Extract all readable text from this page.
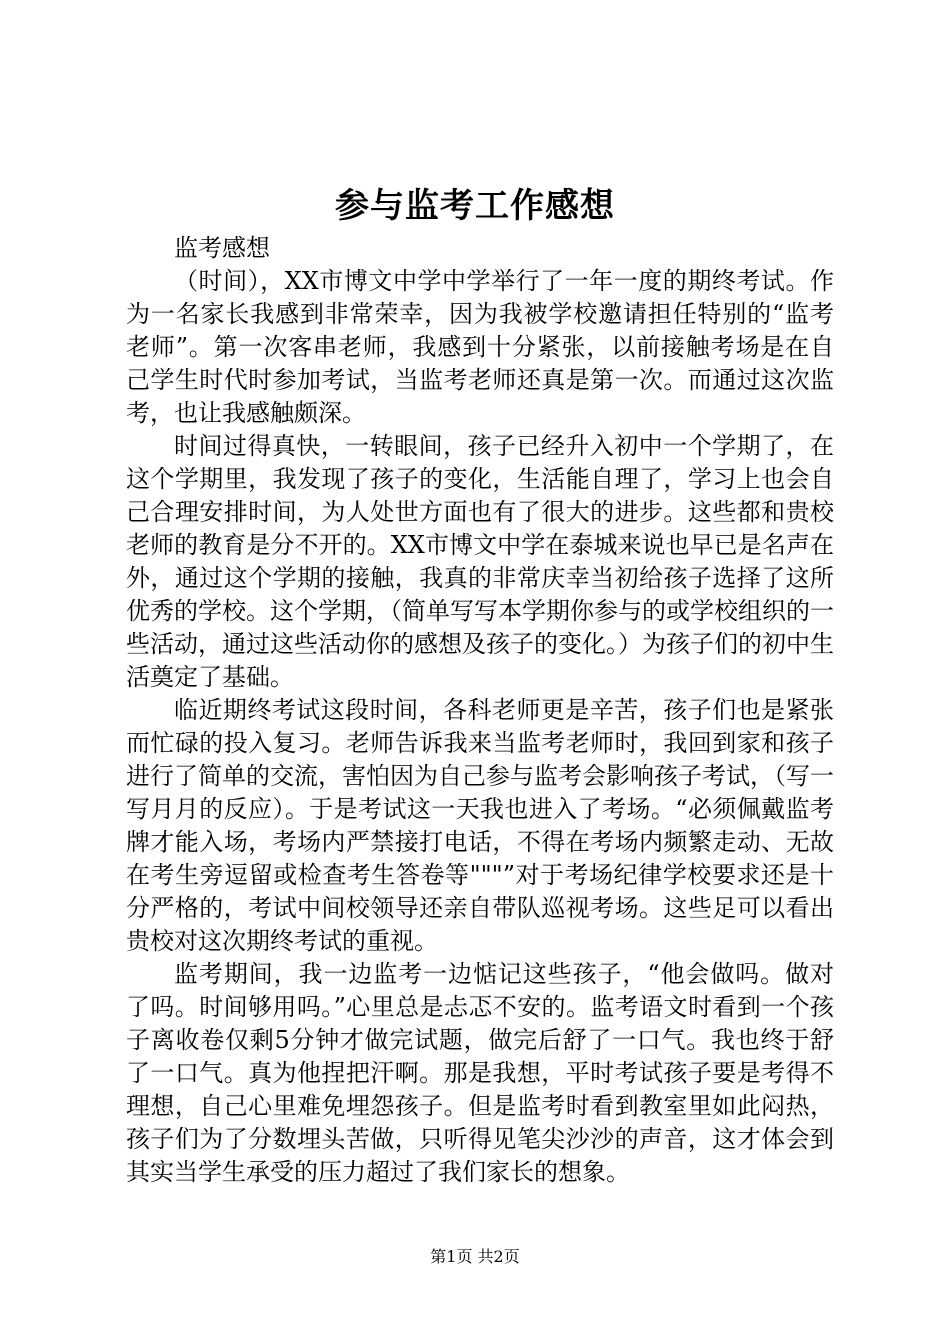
参与监考工作感想

监考感想

（时间），XX市博文中学中学举行了一年一度的期终考试。作为一名家长我感到非常荣幸，因为我被学校邀请担任特别的“监考老师”。第一次客串老师，我感到十分紧张，以前接触考场是在自己学生时代时参加考试，当监考老师还真是第一次。而通过这次监考，也让我感触颇深。

时间过得真快，一转眼间，孩子已经升入初中一个学期了，在这个学期里，我发现了孩子的变化，生活能自理了，学习上也会自己合理安排时间，为人处世方面也有了很大的进步。这些都和贵校老师的教育是分不开的。XX市博文中学在泰城来说也早已是名声在外，通过这个学期的接触，我真的非常庆幸当初给孩子选择了这所优秀的学校。这个学期，（简单写写本学期你参与的或学校组织的一些活动，通过这些活动你的感想及孩子的变化。）为孩子们的初中生活奠定了基础。

临近期终考试这段时间，各科老师更是辛苦，孩子们也是紧张而忙碌的投入复习。老师告诉我来当监考老师时，我回到家和孩子进行了简单的交流，害怕因为自己参与监考会影响孩子考试，（写一写月月的反应）。于是考试这一天我也进入了考场。“必须佩戴监考牌才能入场，考场内严禁接打电话，不得在考场内频繁走动、无故在考生旁逗留或检查考生答卷等"""”对于考场纪律学校要求还是十分严格的，考试中间校领导还亲自带队巡视考场。这些足可以看出贵校对这次期终考试的重视。

监考期间，我一边监考一边惦记这些孩子，“他会做吗。做对了吗。时间够用吗。”心里总是忐忑不安的。监考语文时看到一个孩子离收卷仅剩5分钟才做完试题，做完后舒了一口气。我也终于舒了一口气。真为他捏把汗啊。那是我想，平时考试孩子要是考得不理想，自己心里难免埋怨孩子。但是监考时看到教室里如此闷热，孩子们为了分数埋头苦做，只听得见笔尖沙沙的声音，这才体会到其实当学生承受的压力超过了我们家长的想象。

第1页 共2页
